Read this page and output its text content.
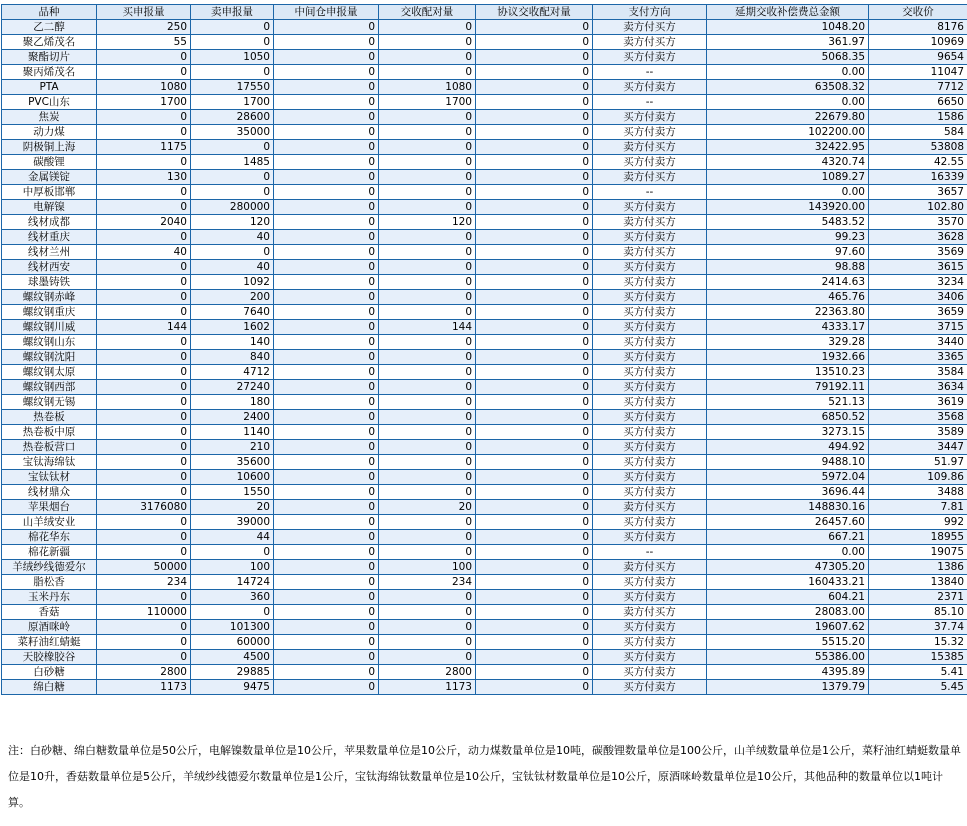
品种	买申报量	卖申报量	中间仓申报量	交收配对量	协议交收配对量	支付方向	延期交收补偿费总金额	交收价
乙二醇	250	0	0	0	0	卖方付买方	1048.20	8176
聚乙烯茂名	55	0	0	0	0	卖方付买方	361.97	10969
聚酯切片	0	1050	0	0	0	买方付卖方	5068.35	9654
聚丙烯茂名	0	0	0	0	0	--	0.00	11047
PTA	1080	17550	0	1080	0	买方付卖方	63508.32	7712
PVC山东	1700	1700	0	1700	0	--	0.00	6650
焦炭	0	28600	0	0	0	买方付卖方	22679.80	1586
动力煤	0	35000	0	0	0	买方付卖方	102200.00	584
阴极铜上海	1175	0	0	0	0	卖方付买方	32422.95	53808
碳酸锂	0	1485	0	0	0	买方付卖方	4320.74	42.55
金属镁锭	130	0	0	0	0	卖方付买方	1089.27	16339
中厚板邯郸	0	0	0	0	0	--	0.00	3657
电解镍	0	280000	0	0	0	买方付卖方	143920.00	102.80
线材成都	2040	120	0	120	0	卖方付买方	5483.52	3570
线材重庆	0	40	0	0	0	买方付卖方	99.23	3628
线材兰州	40	0	0	0	0	卖方付买方	97.60	3569
线材西安	0	40	0	0	0	买方付卖方	98.88	3615
球墨铸铁	0	1092	0	0	0	买方付卖方	2414.63	3234
螺纹钢赤峰	0	200	0	0	0	买方付卖方	465.76	3406
螺纹钢重庆	0	7640	0	0	0	买方付卖方	22363.80	3659
螺纹钢川威	144	1602	0	144	0	买方付卖方	4333.17	3715
螺纹钢山东	0	140	0	0	0	买方付卖方	329.28	3440
螺纹钢沈阳	0	840	0	0	0	买方付卖方	1932.66	3365
螺纹钢太原	0	4712	0	0	0	买方付卖方	13510.23	3584
螺纹钢西部	0	27240	0	0	0	买方付卖方	79192.11	3634
螺纹钢无锡	0	180	0	0	0	买方付卖方	521.13	3619
热卷板	0	2400	0	0	0	买方付卖方	6850.52	3568
热卷板中原	0	1140	0	0	0	买方付卖方	3273.15	3589
热卷板营口	0	210	0	0	0	买方付卖方	494.92	3447
宝钛海绵钛	0	35600	0	0	0	买方付卖方	9488.10	51.97
宝钛钛材	0	10600	0	0	0	买方付卖方	5972.04	109.86
线材鼎众	0	1550	0	0	0	买方付卖方	3696.44	3488
苹果烟台	3176080	20	0	20	0	卖方付买方	148830.16	7.81
山羊绒安业	0	39000	0	0	0	买方付卖方	26457.60	992
棉花华东	0	44	0	0	0	买方付卖方	667.21	18955
棉花新疆	0	0	0	0	0	--	0.00	19075
羊绒纱线德爱尔	50000	100	0	100	0	卖方付买方	47305.20	1386
脂松香	234	14724	0	234	0	买方付卖方	160433.21	13840
玉米丹东	0	360	0	0	0	买方付卖方	604.21	2371
香菇	110000	0	0	0	0	卖方付买方	28083.00	85.10
原酒咪岭	0	101300	0	0	0	买方付卖方	19607.62	37.74
菜籽油红蜻蜓	0	60000	0	0	0	买方付卖方	5515.20	15.32
天胶橡胶谷	0	4500	0	0	0	买方付卖方	55386.00	15385
白砂糖	2800	29885	0	2800	0	买方付卖方	4395.89	5.41
绵白糖	1173	9475	0	1173	0	买方付卖方	1379.79	5.45
注：白砂糖、绵白糖数量单位是50公斤，电解镍数量单位是10公斤，苹果数量单位是10公斤，动力煤数量单位是10吨，碳酸锂数量单位是100公斤，山羊绒数量单位是1公斤，菜籽油红蜻蜓数量单位是10升，香菇数量单位是5公斤，羊绒纱线德爱尔数量单位是1公斤，宝钛海绵钛数量单位是10公斤，宝钛钛材数量单位是10公斤，原酒咪岭数量单位是10公斤，其他品种的数量单位以1吨计算。
